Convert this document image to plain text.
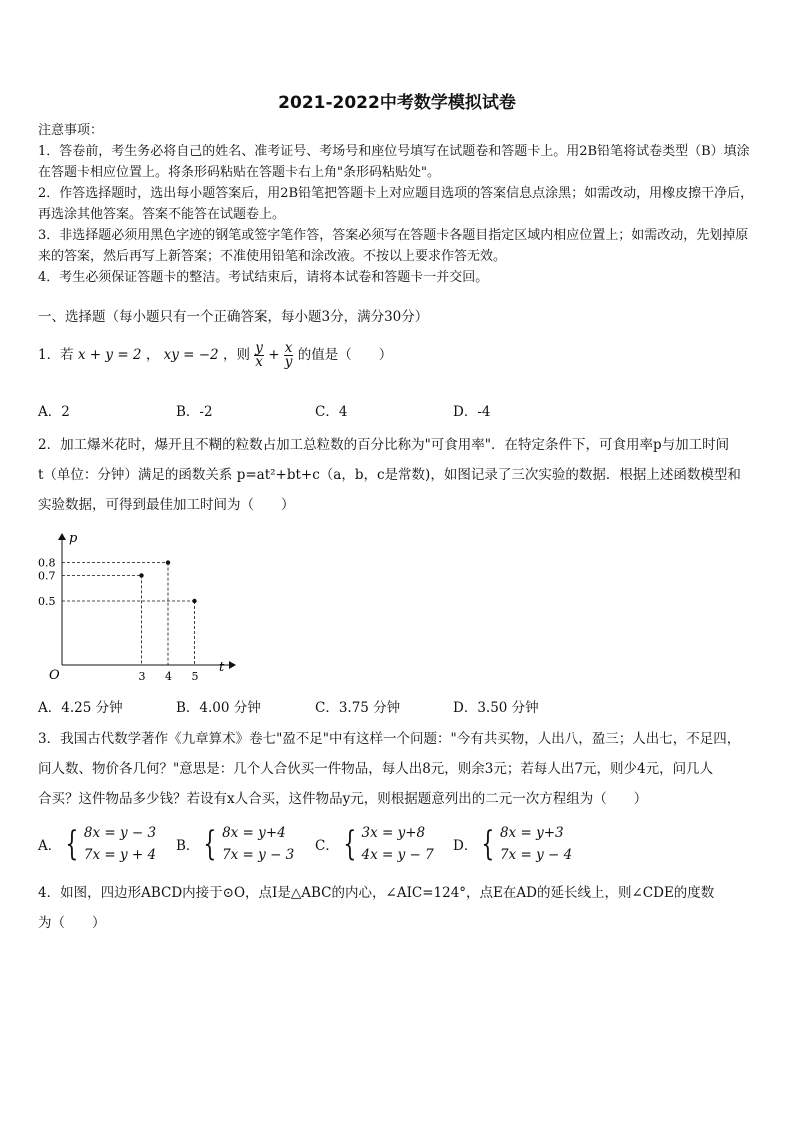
2021-2022中考数学模拟试卷

注意事项：

1．答卷前，考生务必将自己的姓名、准考证号、考场号和座位号填写在试题卷和答题卡上。用2B铅笔将试卷类型（B）填涂在答题卡相应位置上。将条形码粘贴在答题卡右上角"条形码粘贴处"。

2．作答选择题时，选出每小题答案后，用2B铅笔把答题卡上对应题目选项的答案信息点涂黑；如需改动，用橡皮擦干净后，再选涂其他答案。答案不能答在试题卷上。

3．非选择题必须用黑色字迹的钢笔或签字笔作答，答案必须写在答题卡各题目指定区域内相应位置上；如需改动，先划掉原来的答案，然后再写上新答案；不准使用铅笔和涂改液。不按以上要求作答无效。

4．考生必须保证答题卡的整洁。考试结束后，请将本试卷和答题卡一并交回。

一、选择题（每小题只有一个正确答案，每小题3分，满分30分）

1．若 x + y = 2 ， xy = −2 ，则 $\frac{y}{x} + \frac{x}{y}$ 的值是（　　）

A．2	B．-2	C．4	D．-4

2．加工爆米花时，爆开且不糊的粒数占加工总粒数的百分比称为"可食用率"．在特定条件下，可食用率p与加工时间

t（单位：分钟）满足的函数关系 p=at²+bt+c（a，b，c是常数)，如图记录了三次实验的数据．根据上述函数模型和

实验数据，可得到最佳加工时间为（　　）

3 4 5
0.8
0.7
0.5
O
t
p
A．4.25 分钟	B．4.00 分钟	C．3.75 分钟	D．3.50 分钟

3．我国古代数学著作《九章算术》卷七"盈不足"中有这样一个问题："今有共买物，人出八，盈三；人出七，不足四，

问人数、物价各几何？"意思是：几个人合伙买一件物品，每人出8元，则余3元；若每人出7元，则少4元，问几人

合买？这件物品多少钱？若设有x人合买，这件物品y元，则根据题意列出的二元一次方程组为（　　）

A． { 8x = y − 3
7x = y + 4
B． { 8x = y+4
7x = y − 3
C． { 3x = y+8
4x = y − 7
D． { 8x = y+3
7x = y − 4

4．如图，四边形ABCD内接于⊙O，点I是△ABC的内心，∠AIC=124°，点E在AD的延长线上，则∠CDE的度数

为（　　）
